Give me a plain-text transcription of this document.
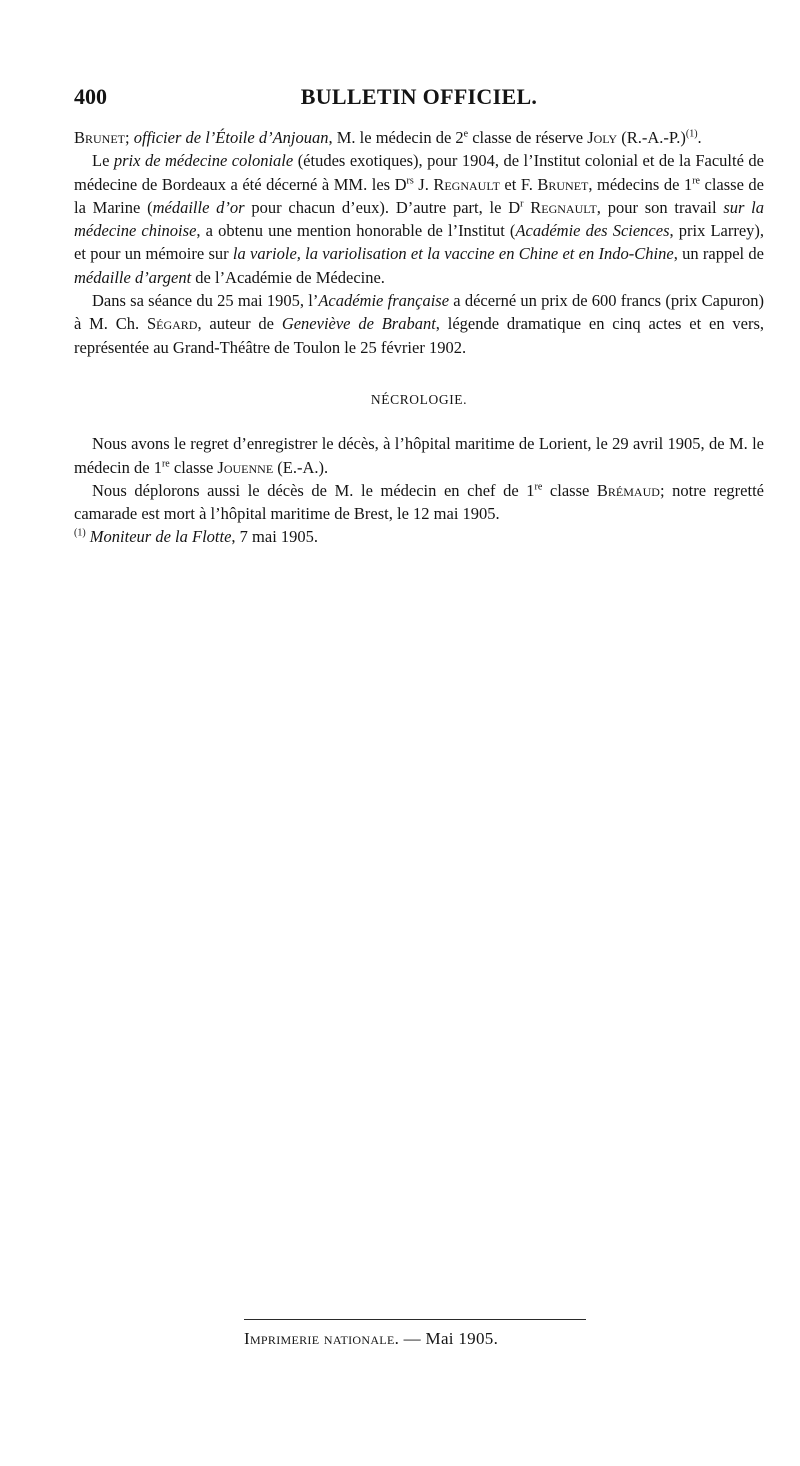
400	BULLETIN OFFICIEL.

Brunet; officier de l’Étoile d’Anjouan, M. le médecin de 2e classe de réserve Joly $(R.-A.-P.)^{(1)}$.

Le prix de médecine coloniale (études exotiques), pour 1904, de l’Institut colonial et de la Faculté de médecine de Bordeaux a été décerné à MM. les $D^{rs}$ J. Regnault et F. Brunet, médecins de 1re classe de la Marine (médaille d’or pour chacun d’eux). D’autre part, le $D^r$ Regnault, pour son travail sur la médecine chinoise, a obtenu une mention honorable de l’Institut (Académie des Sciences, prix Larrey), et pour un mémoire sur la variole, la variolisation et la vaccine en Chine et en Indo-Chine, un rappel de médaille d’argent de l’Académie de Médecine.

Dans sa séance du 25 mai 1905, l’Académie française a décerné un prix de 600 francs (prix Capuron) à M. Ch. Ségard, auteur de Geneviève de Brabant, légende dramatique en cinq actes et en vers, représentée au Grand-Théâtre de Toulon le 25 février 1902.

NÉCROLOGIE.

Nous avons le regret d’enregistrer le décès, à l’hôpital maritime de Lorient, le 29 avril 1905, de M. le médecin de 1re classe Jouenne (E.-A.).

Nous déplorons aussi le décès de M. le médecin en chef de 1re classe Brémaud; notre regretté camarade est mort à l’hôpital maritime de Brest, le 12 mai 1905.

$^{(1)}$ Moniteur de la Flotte, 7 mai 1905.

Imprimerie nationale. — Mai 1905.
